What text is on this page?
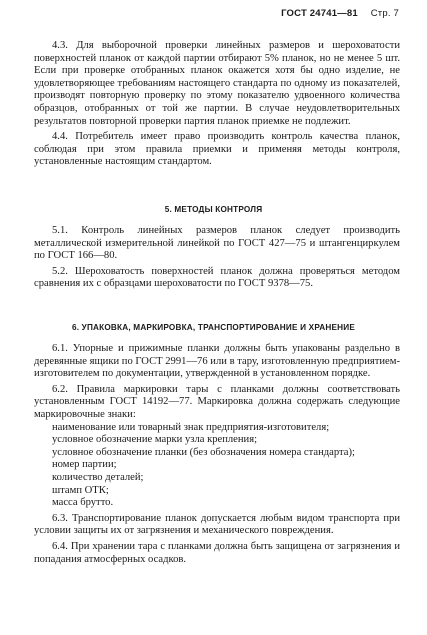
ГОСТ 24741—81 Стр. 7

4.3. Для выборочной проверки линейных размеров и шероховатости поверхностей планок от каждой партии отбирают 5% планок, но не менее 5 шт. Если при проверке отобранных планок окажется хотя бы одно изделие, не удовлетворяющее требованиям настоящего стандарта по одному из показателей, производят повторную проверку по этому показателю удвоенного количества образцов, отобранных от той же партии. В случае неудовлетворительных результатов повторной проверки партия планок приемке не подлежит.

4.4. Потребитель имеет право производить контроль качества планок, соблюдая при этом правила приемки и применяя методы контроля, установленные настоящим стандартом.

5. МЕТОДЫ КОНТРОЛЯ

5.1. Контроль линейных размеров планок следует производить металлической измерительной линейкой по ГОСТ 427—75 и штангенциркулем по ГОСТ 166—80.

5.2. Шероховатость поверхностей планок должна проверяться методом сравнения их с образцами шероховатости по ГОСТ 9378—75.

6. УПАКОВКА, МАРКИРОВКА, ТРАНСПОРТИРОВАНИЕ И ХРАНЕНИЕ

6.1. Упорные и прижимные планки должны быть упакованы раздельно в деревянные ящики по ГОСТ 2991—76 или в тару, изготовленную предприятием-изготовителем по документации, утвержденной в установленном порядке.

6.2. Правила маркировки тары с планками должны соответствовать установленным ГОСТ 14192—77. Маркировка должна содержать следующие маркировочные знаки:

наименование или товарный знак предприятия-изготовителя;
условное обозначение марки узла крепления;
условное обозначение планки (без обозначения номера стандарта);
номер партии;
количество деталей;
штамп ОТК;
масса брутто.

6.3. Транспортирование планок допускается любым видом транспорта при условии защиты их от загрязнения и механического повреждения.

6.4. При хранении тара с планками должна быть защищена от загрязнения и попадания атмосферных осадков.
